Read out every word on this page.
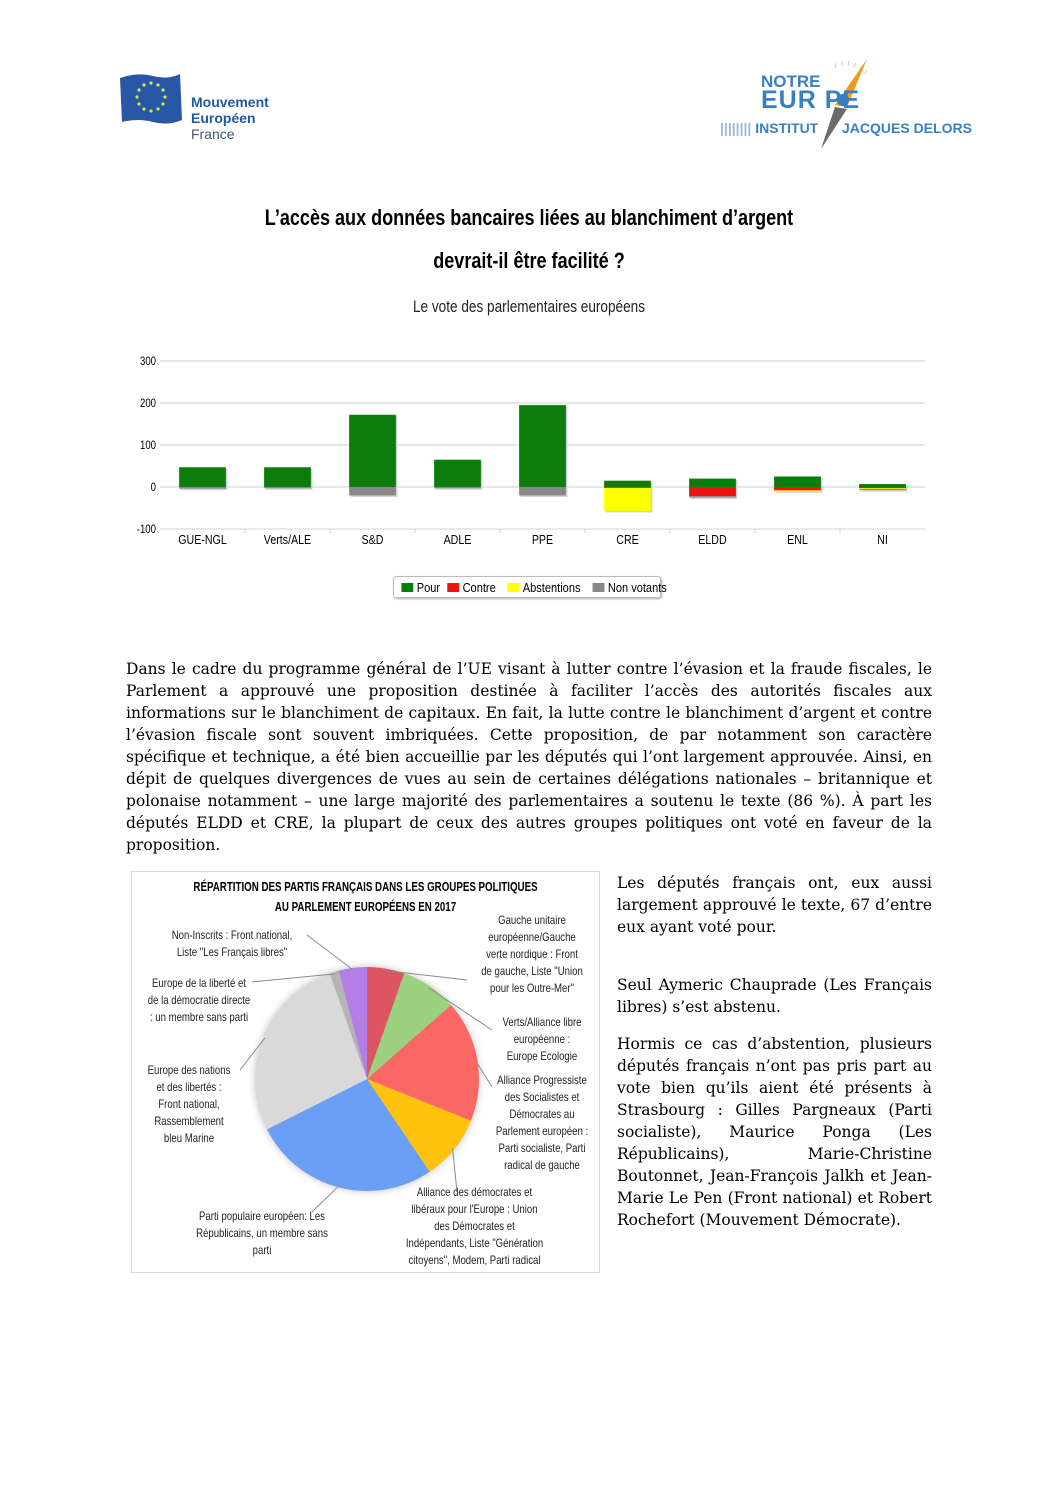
Mouvement
Européen
France
NOTRE
EUR PE
|||||||| INSTITUT JACQUES DELORS
L’accès aux données bancaires liées au blanchiment d’argent
devrait-il être facilité ?
Le vote des parlementaires européens
300
200
100
0
-100
GUE-NGL	Verts/ALE	S&D	ADLE	PPE	CRE	ELDD	ENL	NI
Pour Contre Abstentions Non votants
Dans le cadre du programme général de l’UE visant à lutter contre l’évasion et la fraude fiscales, le Parlement a approuvé une proposition destinée à faciliter l’accès des autorités fiscales aux informations sur le blanchiment de capitaux. En fait, la lutte contre le blanchiment d’argent et contre l’évasion fiscale sont souvent imbriquées. Cette proposition, de par notamment son caractère spécifique et technique, a été bien accueillie par les députés qui l’ont largement approuvée. Ainsi, en dépit de quelques divergences de vues au sein de certaines délégations nationales – britannique et polonaise notamment – une large majorité des parlementaires a soutenu le texte (86 %). À part les députés ELDD et CRE, la plupart de ceux des autres groupes politiques ont voté en faveur de la proposition.
RÉPARTITION DES PARTIS FRANÇAIS DANS LES GROUPES POLITIQUES
AU PARLEMENT EUROPÉENS EN 2017
Non-Inscrits : Front national, Liste "Les Français libres"
Europe de la liberté et de la démocratie directe : un membre sans parti
Europe des nations et des libertés : Front national, Rassemblement bleu Marine
Parti populaire européen: Les Républicains, un membre sans parti
Alliance des démocrates et libéraux pour l'Europe : Union des Démocrates et Indépendants, Liste "Génération citoyens", Modem, Parti radical
Alliance Progressiste des Socialistes et Démocrates au Parlement européen : Parti socialiste, Parti radical de gauche
Verts/Alliance libre européenne : Europe Ecologie
Gauche unitaire européenne/Gauche verte nordique : Front de gauche, Liste "Union pour les Outre-Mer"
Les députés français ont, eux aussi largement approuvé le texte, 67 d’entre eux ayant voté pour.
Seul Aymeric Chauprade (Les Français libres) s’est abstenu.
Hormis ce cas d’abstention, plusieurs députés français n’ont pas pris part au vote bien qu’ils aient été présents à Strasbourg : Gilles Pargneaux (Parti socialiste), Maurice Ponga (Les Républicains), Marie-Christine Boutonnet, Jean-François Jalkh et Jean-Marie Le Pen (Front national) et Robert Rochefort (Mouvement Démocrate).
